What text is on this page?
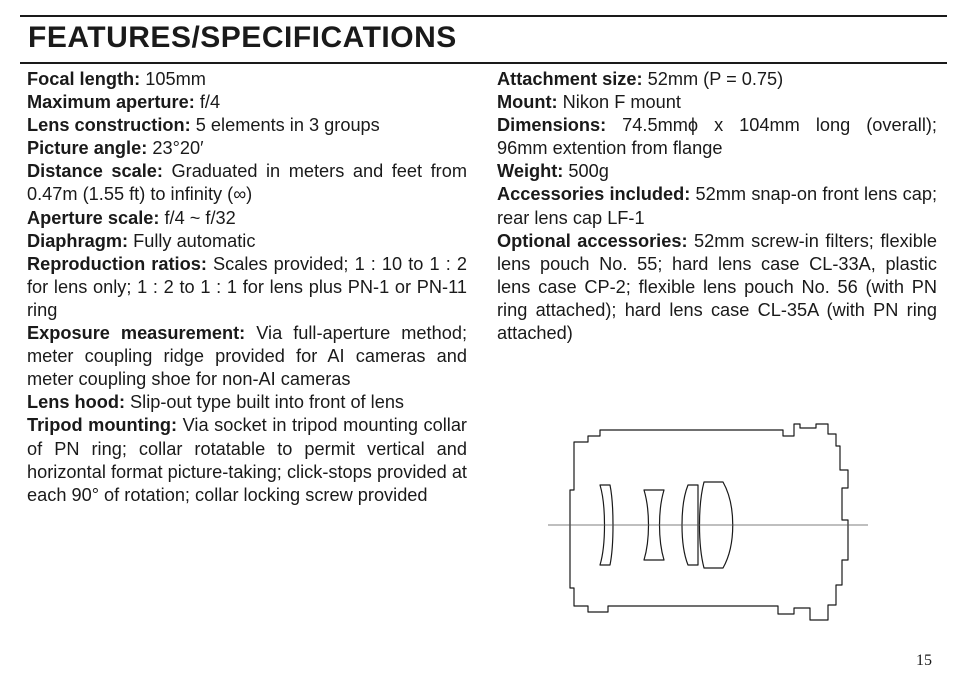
FEATURES/SPECIFICATIONS

Focal length: 105mm

Maximum aperture: f/4

Lens construction: 5 elements in 3 groups

Picture angle: 23°20′

Distance scale: Graduated in meters and feet from 0.47m (1.55 ft) to infinity (∞)

Aperture scale: f/4 ~ f/32

Diaphragm: Fully automatic

Reproduction ratios: Scales provided; 1 : 10 to 1 : 2 for lens only; 1 : 2 to 1 : 1 for lens plus PN-1 or PN-11 ring

Exposure measurement: Via full-aperture method; meter coupling ridge provided for AI cameras and meter coupling shoe for non-AI cameras

Lens hood: Slip-out type built into front of lens

Tripod mounting: Via socket in tripod mounting collar of PN ring; collar rotatable to permit vertical and horizontal format picture-taking; click-stops provided at each 90° of rotation; collar locking screw provided

Attachment size: 52mm (P = 0.75)

Mount: Nikon F mount

Dimensions: 74.5mmϕ x 104mm long (overall); 96mm extention from flange

Weight: 500g

Accessories included: 52mm snap-on front lens cap; rear lens cap LF-1

Optional accessories: 52mm screw-in filters; flexible lens pouch No. 55; hard lens case CL-33A, plastic lens case CP-2; flexible lens pouch No. 56 (with PN ring attached); hard lens case CL-35A (with PN ring attached)

15
